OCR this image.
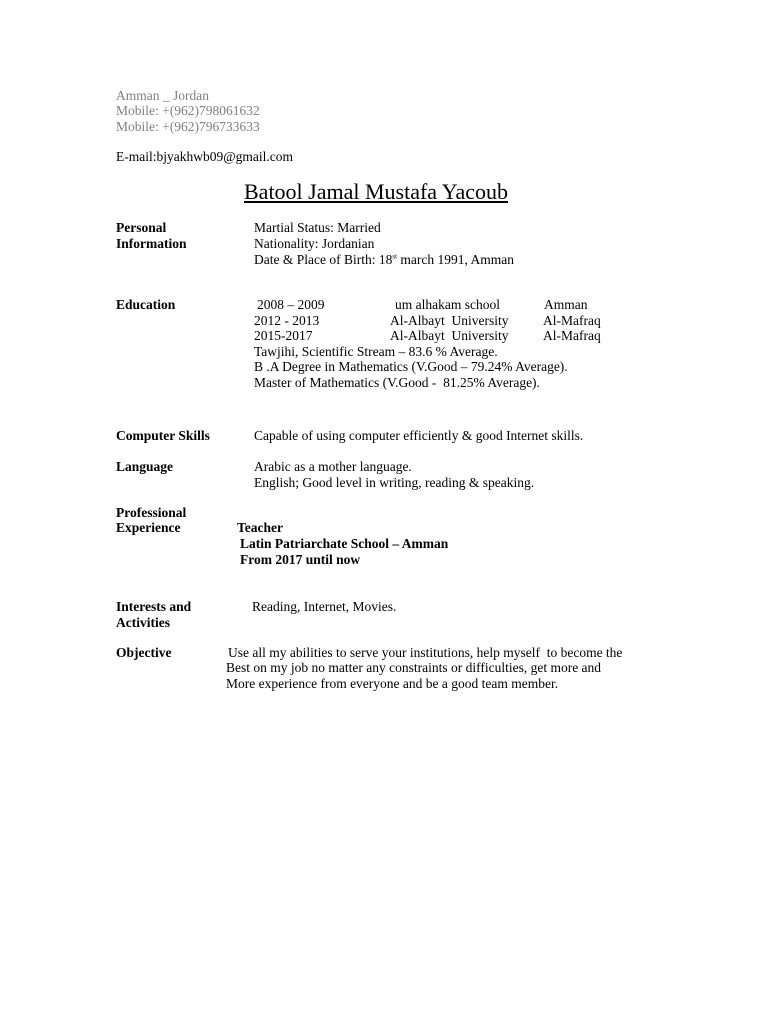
Amman _ Jordan
Mobile: +(962)798061632
Mobile: +(962)796733633
E-mail:bjyakhwb09@gmail.com
Batool Jamal Mustafa Yacoub
Personal
Information
Martial Status: Married
Nationality: Jordanian
Date & Place of Birth: 18st march 1991, Amman
Education	2008 – 2009	um alhakam school	Amman
2012 - 2013	Al-Albayt  University	Al-Mafraq
2015-2017	Al-Albayt  University	Al-Mafraq
Tawjihi, Scientific Stream – 83.6 % Average.
B .A Degree in Mathematics (V.Good – 79.24% Average).
Master of Mathematics (V.Good -  81.25% Average).
Computer Skills	Capable of using computer efficiently & good Internet skills.
Language	Arabic as a mother language.
English; Good level in writing, reading & speaking.
Professional
Experience	Teacher
Latin Patriarchate School – Amman
From 2017 until now
Interests and
Activities
Reading, Internet, Movies.
Objective	Use all my abilities to serve your institutions, help myself  to become the
Best on my job no matter any constraints or difficulties, get more and
More experience from everyone and be a good team member.
